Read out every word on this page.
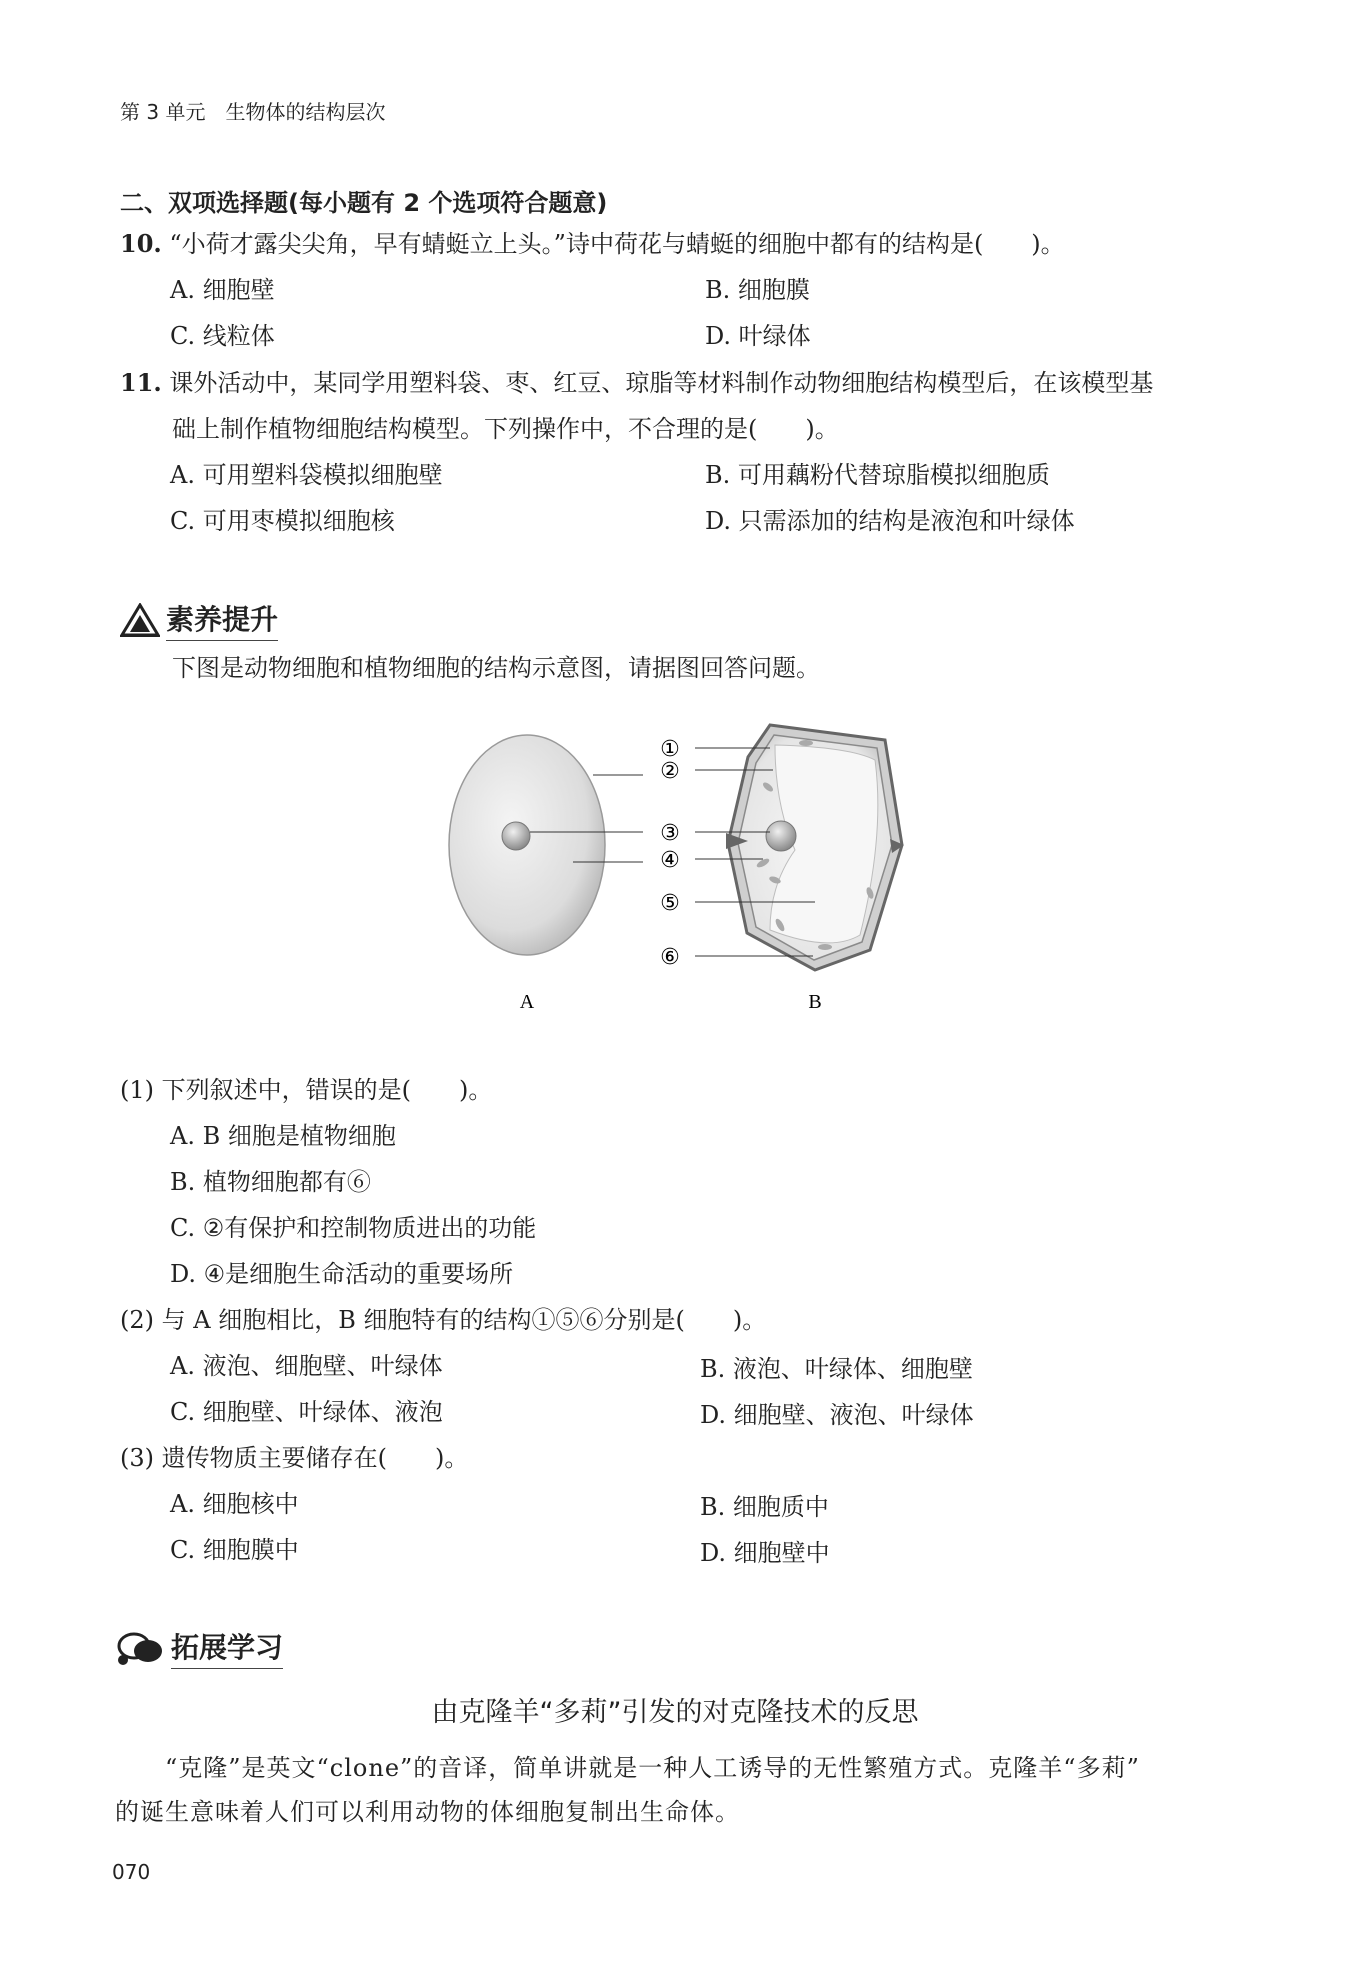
第 3 单元　生物体的结构层次
二、双项选择题(每小题有 2 个选项符合题意)
10. “小荷才露尖尖角，早有蜻蜓立上头。”诗中荷花与蜻蜓的细胞中都有的结构是(　　)。
A. 细胞壁	B. 细胞膜
C. 线粒体	D. 叶绿体
11. 课外活动中，某同学用塑料袋、枣、红豆、琼脂等材料制作动物细胞结构模型后，在该模型基
础上制作植物细胞结构模型。下列操作中，不合理的是(　　)。
A. 可用塑料袋模拟细胞壁	B. 可用藕粉代替琼脂模拟细胞质
C. 可用枣模拟细胞核	D. 只需添加的结构是液泡和叶绿体
素养提升
下图是动物细胞和植物细胞的结构示意图，请据图回答问题。
①
②
③
④
⑤
⑥
A	B
(1) 下列叙述中，错误的是(　　)。
A. B 细胞是植物细胞
B. 植物细胞都有⑥
C. ②有保护和控制物质进出的功能
D. ④是细胞生命活动的重要场所
(2) 与 A 细胞相比，B 细胞特有的结构①⑤⑥分别是(　　)。
A. 液泡、细胞壁、叶绿体	B. 液泡、叶绿体、细胞壁
C. 细胞壁、叶绿体、液泡	D. 细胞壁、液泡、叶绿体
(3) 遗传物质主要储存在(　　)。
A. 细胞核中	B. 细胞质中
C. 细胞膜中	D. 细胞壁中
拓展学习
由克隆羊“多莉”引发的对克隆技术的反思
“克隆”是英文“clone”的音译，简单讲就是一种人工诱导的无性繁殖方式。克隆羊“多莉”
的诞生意味着人们可以利用动物的体细胞复制出生命体。
070
